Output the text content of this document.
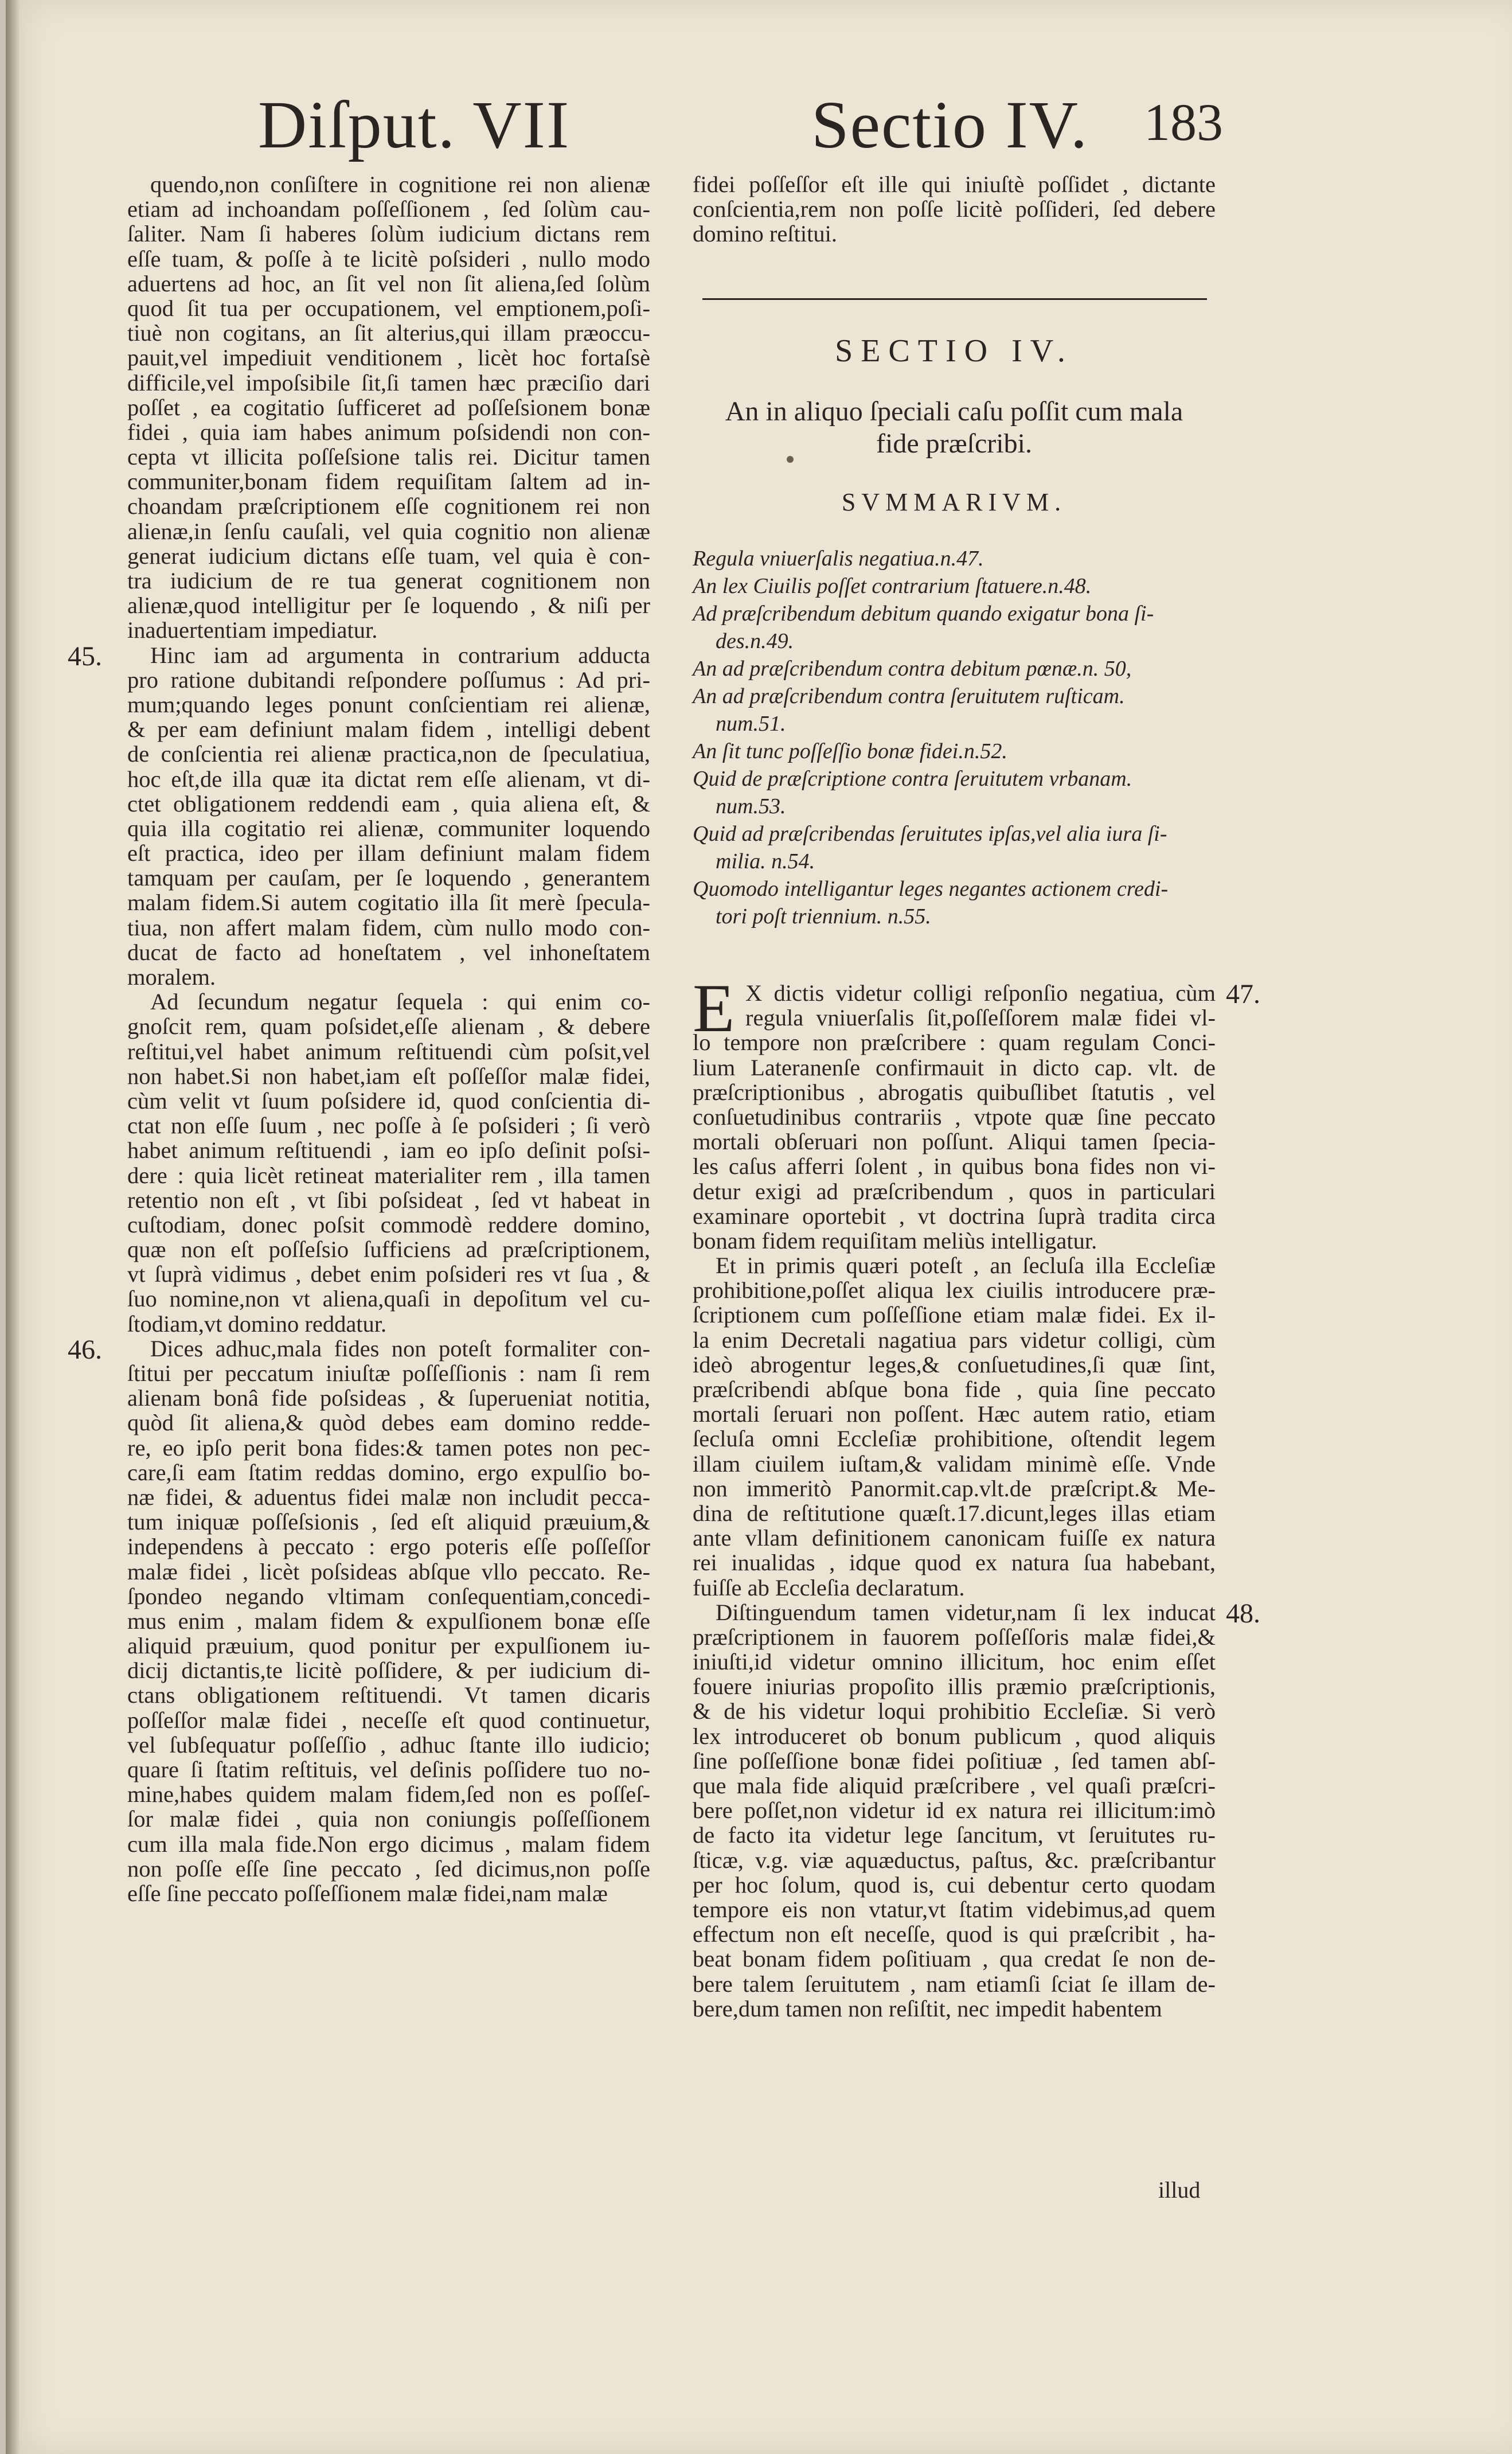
Diſput. VII	Sectio IV. 183
quendo,non conſiſtere in cognitione rei non alienæ
etiam ad inchoandam poſſeſſionem , ſed ſolùm cau-
ſaliter. Nam ſi haberes ſolùm iudicium dictans rem
eſſe tuam, & poſſe à te licitè poſsideri , nullo modo
aduertens ad hoc, an ſit vel non ſit aliena,ſed ſolùm
quod ſit tua per occupationem, vel emptionem,poſi-
tiuè non cogitans, an ſit alterius,qui illam præoccu-
pauit,vel impediuit venditionem , licèt hoc fortaſsè
difficile,vel impoſsibile ſit,ſi tamen hæc præciſio dari
poſſet , ea cogitatio ſufficeret ad poſſeſsionem bonæ
fidei , quia iam habes animum poſsidendi non con-
cepta vt illicita poſſeſsione talis rei. Dicitur tamen
communiter,bonam fidem requiſitam ſaltem ad in-
choandam præſcriptionem eſſe cognitionem rei non
alienæ,in ſenſu cauſali, vel quia cognitio non alienæ
generat iudicium dictans eſſe tuam, vel quia è con-
tra iudicium de re tua generat cognitionem non
alienæ,quod intelligitur per ſe loquendo , & niſi per
inaduertentiam impediatur.
Hinc iam ad argumenta in contrarium adducta
pro ratione dubitandi reſpondere poſſumus : Ad pri-
mum;quando leges ponunt conſcientiam rei alienæ,
& per eam definiunt malam fidem , intelligi debent
de conſcientia rei alienæ practica,non de ſpeculatiua,
hoc eſt,de illa quæ ita dictat rem eſſe alienam, vt di-
ctet obligationem reddendi eam , quia aliena eſt, &
quia illa cogitatio rei alienæ, communiter loquendo
eſt practica, ideo per illam definiunt malam fidem
tamquam per cauſam, per ſe loquendo , generantem
malam fidem.Si autem cogitatio illa ſit merè ſpecula-
tiua, non affert malam fidem, cùm nullo modo con-
ducat de facto ad honeſtatem , vel inhoneſtatem
moralem.
Ad ſecundum negatur ſequela : qui enim co-
gnoſcit rem, quam poſsidet,eſſe alienam , & debere
reſtitui,vel habet animum reſtituendi cùm poſsit,vel
non habet.Si non habet,iam eſt poſſeſſor malæ fidei,
cùm velit vt ſuum poſsidere id, quod conſcientia di-
ctat non eſſe ſuum , nec poſſe à ſe poſsideri ; ſi verò
habet animum reſtituendi , iam eo ipſo deſinit poſsi-
dere : quia licèt retineat materialiter rem , illa tamen
retentio non eſt , vt ſibi poſsideat , ſed vt habeat in
cuſtodiam, donec poſsit commodè reddere domino,
quæ non eſt poſſeſsio ſufficiens ad præſcriptionem,
vt ſuprà vidimus , debet enim poſsideri res vt ſua , &
ſuo nomine,non vt aliena,quaſi in depoſitum vel cu-
ſtodiam,vt domino reddatur.
Dices adhuc,mala fides non poteſt formaliter con-
ſtitui per peccatum iniuſtæ poſſeſſionis : nam ſi rem
alienam bonâ fide poſsideas , & ſuperueniat notitia,
quòd ſit aliena,& quòd debes eam domino redde-
re, eo ipſo perit bona fides:& tamen potes non pec-
care,ſi eam ſtatim reddas domino, ergo expulſio bo-
næ fidei, & aduentus fidei malæ non includit pecca-
tum iniquæ poſſeſsionis , ſed eſt aliquid præuium,&
independens à peccato : ergo poteris eſſe poſſeſſor
malæ fidei , licèt poſsideas abſque vllo peccato. Re-
ſpondeo negando vltimam conſequentiam,concedi-
mus enim , malam fidem & expulſionem bonæ eſſe
aliquid præuium, quod ponitur per expulſionem iu-
dicij dictantis,te licitè poſſidere, & per iudicium di-
ctans obligationem reſtituendi. Vt tamen dicaris
poſſeſſor malæ fidei , neceſſe eſt quod continuetur,
vel ſubſequatur poſſeſſio , adhuc ſtante illo iudicio;
quare ſi ſtatim reſtituis, vel deſinis poſſidere tuo no-
mine,habes quidem malam fidem,ſed non es poſſeſ-
ſor malæ fidei , quia non coniungis poſſeſſionem
cum illa mala fide.Non ergo dicimus , malam fidem
non poſſe eſſe ſine peccato , ſed dicimus,non poſſe
eſſe ſine peccato poſſeſſionem malæ fidei,nam malæ
fidei poſſeſſor eſt ille qui iniuſtè poſſidet , dictante
conſcientia,rem non poſſe licitè poſſideri, ſed debere
domino reſtitui.
SECTIO IV.
An in aliquo ſpeciali caſu poſſit cum mala
fide præſcribi.
SVMMARIVM.
Regula vniuerſalis negatiua.n.47.
An lex Ciuilis poſſet contrarium ſtatuere.n.48.
Ad præſcribendum debitum quando exigatur bona ſi-
des.n.49.
An ad præſcribendum contra debitum pœnæ.n. 50,
An ad præſcribendum contra ſeruitutem ruſticam.
num.51.
An ſit tunc poſſeſſio bonæ fidei.n.52.
Quid de præſcriptione contra ſeruitutem vrbanam.
num.53.
Quid ad præſcribendas ſeruitutes ipſas,vel alia iura ſi-
milia. n.54.
Quomodo intelligantur leges negantes actionem credi-
tori poſt triennium. n.55.
E X dictis videtur colligi reſponſio negatiua, cùm
regula vniuerſalis ſit,poſſeſſorem malæ fidei vl-
lo tempore non præſcribere : quam regulam Conci-
lium Lateranenſe confirmauit in dicto cap. vlt. de
præſcriptionibus , abrogatis quibuſlibet ſtatutis , vel
conſuetudinibus contrariis , vtpote quæ ſine peccato
mortali obſeruari non poſſunt. Aliqui tamen ſpecia-
les caſus afferri ſolent , in quibus bona fides non vi-
detur exigi ad præſcribendum , quos in particulari
examinare oportebit , vt doctrina ſuprà tradita circa
bonam fidem requiſitam meliùs intelligatur.
Et in primis quæri poteſt , an ſecluſa illa Eccleſiæ
prohibitione,poſſet aliqua lex ciuilis introducere præ-
ſcriptionem cum poſſeſſione etiam malæ fidei. Ex il-
la enim Decretali nagatiua pars videtur colligi, cùm
ideò abrogentur leges,& conſuetudines,ſi quæ ſint,
præſcribendi abſque bona fide , quia ſine peccato
mortali ſeruari non poſſent. Hæc autem ratio, etiam
ſecluſa omni Eccleſiæ prohibitione, oſtendit legem
illam ciuilem iuſtam,& validam minimè eſſe. Vnde
non immeritò Panormit.cap.vlt.de præſcript.& Me-
dina de reſtitutione quæſt.17.dicunt,leges illas etiam
ante vllam definitionem canonicam fuiſſe ex natura
rei inualidas , idque quod ex natura ſua habebant,
fuiſſe ab Eccleſia declaratum.
Diſtinguendum tamen videtur,nam ſi lex inducat
præſcriptionem in fauorem poſſeſſoris malæ fidei,&
iniuſti,id videtur omnino illicitum, hoc enim eſſet
fouere iniurias propoſito illis præmio præſcriptionis,
& de his videtur loqui prohibitio Eccleſiæ. Si verò
lex introduceret ob bonum publicum , quod aliquis
ſine poſſeſſione bonæ fidei poſitiuæ , ſed tamen abſ-
que mala fide aliquid præſcribere , vel quaſi præſcri-
bere poſſet,non videtur id ex natura rei illicitum:imò
de facto ita videtur lege ſancitum, vt ſeruitutes ru-
ſticæ, v.g. viæ aquæductus, paſtus, &c. præſcribantur
per hoc ſolum, quod is, cui debentur certo quodam
tempore eis non vtatur,vt ſtatim videbimus,ad quem
effectum non eſt neceſſe, quod is qui præſcribit , ha-
beat bonam fidem poſitiuam , qua credat ſe non de-
bere talem ſeruitutem , nam etiamſi ſciat ſe illam de-
bere,dum tamen non reſiſtit, nec impedit habentem
illud
45.
46.
47.
48.
